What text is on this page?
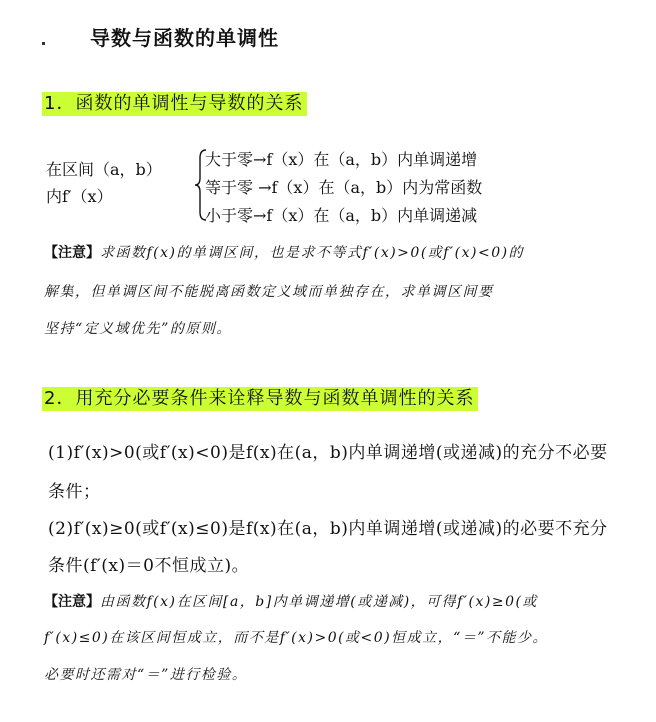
导数与函数的单调性
1．函数的单调性与导数的关系
在区间（a，b）
内f′（x）
大于零→f（x）在（a，b）内单调递增
等于零 →f（x）在（a，b）内为常函数
小于零→f（x）在（a，b）内单调递减
【注意】求函数f(x)的单调区间，也是求不等式f′(x)>0(或f′(x)<0)的
解集，但单调区间不能脱离函数定义域而单独存在，求单调区间要
坚持“定义域优先”的原则。
2．用充分必要条件来诠释导数与函数单调性的关系
(1)f′(x)>0(或f′(x)<0)是f(x)在(a，b)内单调递增(或递减)的充分不必要
条件；
(2)f′(x)≥0(或f′(x)≤0)是f(x)在(a，b)内单调递增(或递减)的必要不充分
条件(f′(x)＝0不恒成立)。
【注意】由函数f(x)在区间[a，b]内单调递增(或递减)，可得f′(x)≥0(或
f′(x)≤0)在该区间恒成立，而不是f′(x)>0(或<0)恒成立，“＝”不能少。
必要时还需对“＝”进行检验。
